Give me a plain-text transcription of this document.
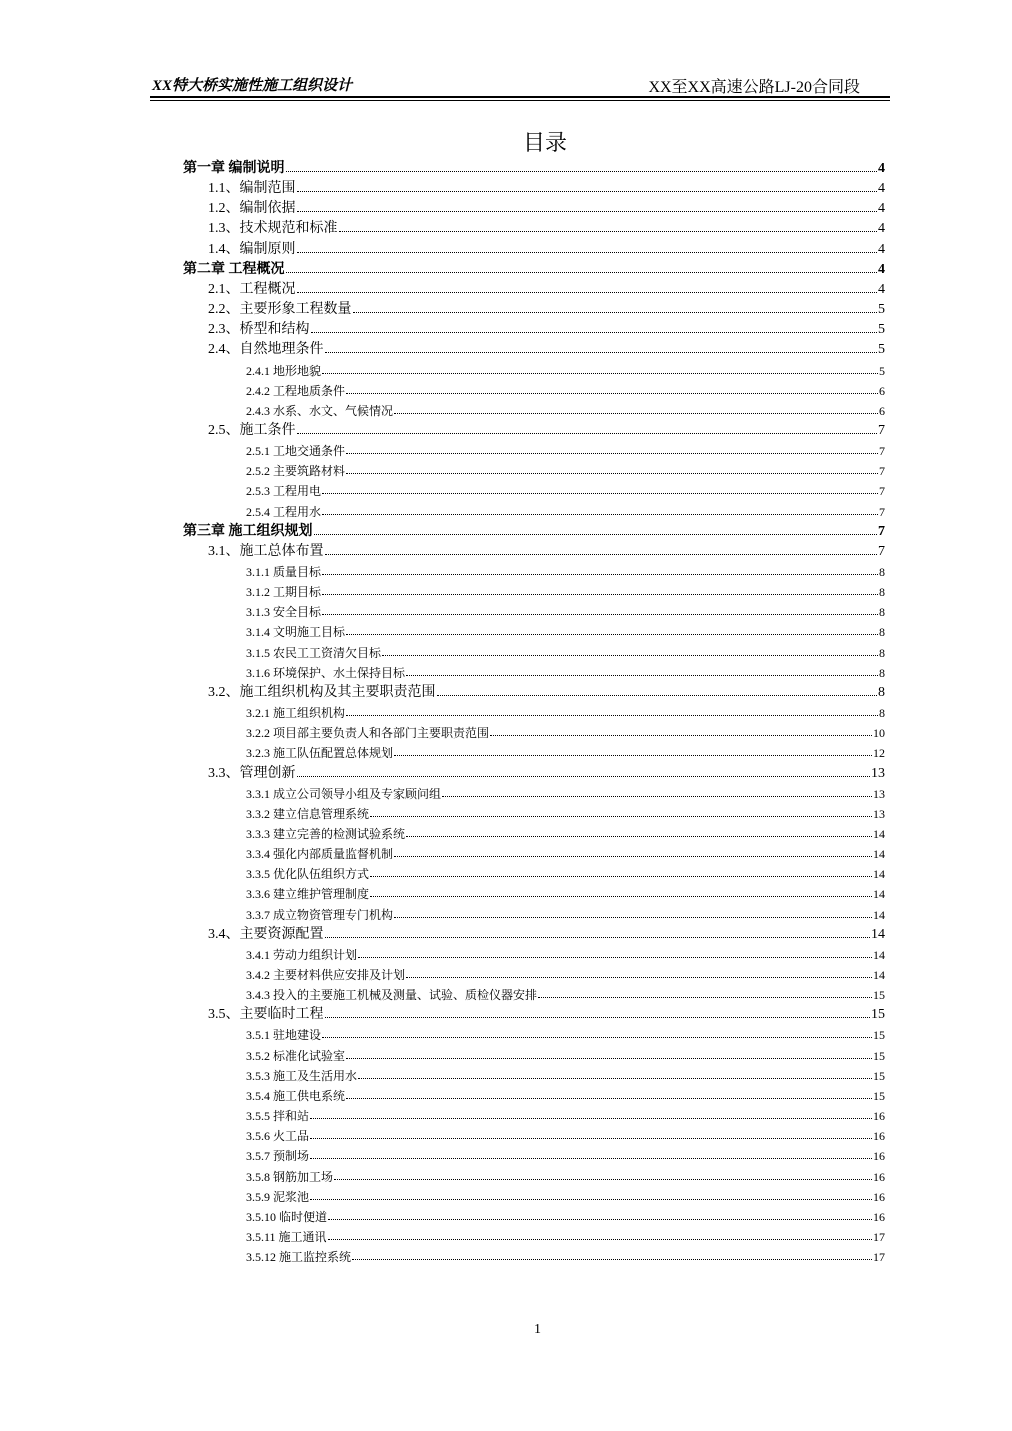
XX特大桥实施性施工组织设计	XX至XX高速公路LJ-20合同段
目录
第一章 编制说明	4
1.1、编制范围	4
1.2、编制依据	4
1.3、技术规范和标准	4
1.4、编制原则	4
第二章 工程概况	4
2.1、工程概况	4
2.2、主要形象工程数量	5
2.3、桥型和结构	5
2.4、自然地理条件	5
2.4.1 地形地貌	5
2.4.2 工程地质条件	6
2.4.3 水系、水文、气候情况	6
2.5、施工条件	7
2.5.1 工地交通条件	7
2.5.2 主要筑路材料	7
2.5.3 工程用电	7
2.5.4 工程用水	7
第三章 施工组织规划	7
3.1、施工总体布置	7
3.1.1 质量目标	8
3.1.2 工期目标	8
3.1.3 安全目标	8
3.1.4 文明施工目标	8
3.1.5 农民工工资清欠目标	8
3.1.6 环境保护、水土保持目标	8
3.2、施工组织机构及其主要职责范围	8
3.2.1 施工组织机构	8
3.2.2 项目部主要负责人和各部门主要职责范围	10
3.2.3 施工队伍配置总体规划	12
3.3、管理创新	13
3.3.1 成立公司领导小组及专家顾问组	13
3.3.2 建立信息管理系统	13
3.3.3 建立完善的检测试验系统	14
3.3.4 强化内部质量监督机制	14
3.3.5 优化队伍组织方式	14
3.3.6 建立维护管理制度	14
3.3.7 成立物资管理专门机构	14
3.4、主要资源配置	14
3.4.1 劳动力组织计划	14
3.4.2 主要材料供应安排及计划	14
3.4.3 投入的主要施工机械及测量、试验、质检仪器安排	15
3.5、主要临时工程	15
3.5.1 驻地建设	15
3.5.2 标准化试验室	15
3.5.3 施工及生活用水	15
3.5.4 施工供电系统	15
3.5.5 拌和站	16
3.5.6 火工品	16
3.5.7 预制场	16
3.5.8 钢筋加工场	16
3.5.9 泥浆池	16
3.5.10 临时便道	16
3.5.11 施工通讯	17
3.5.12 施工监控系统	17
1
